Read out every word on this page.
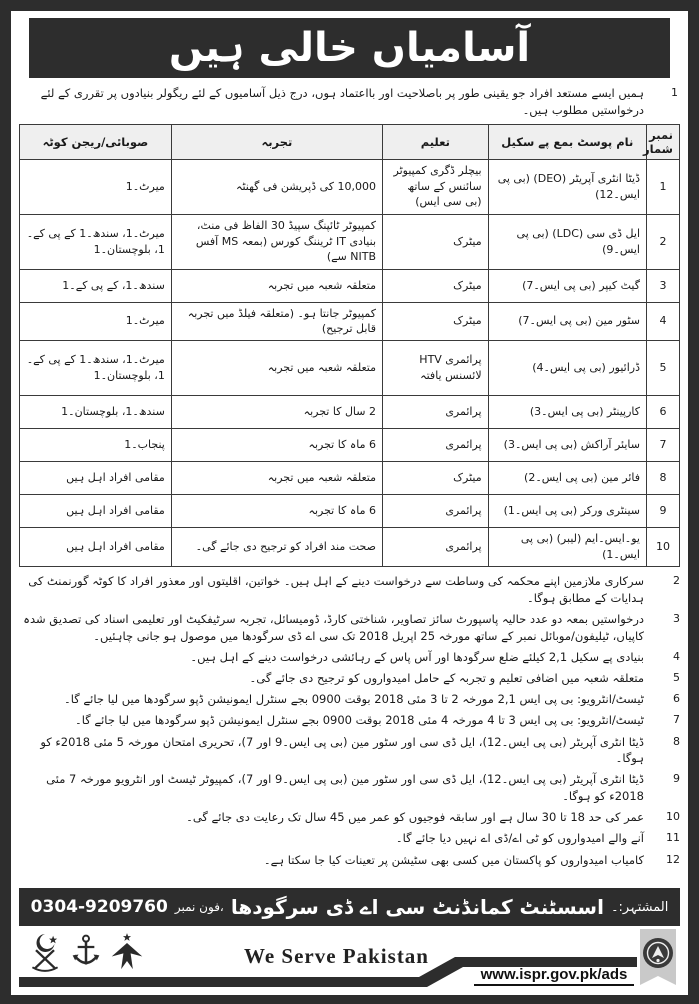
آسامیاں خالی ہیں
1
ہمیں ایسے مستعد افراد جو یقینی طور پر باصلاحیت اور بااعتماد ہوں، درج ذیل آسامیوں کے لئے ریگولر بنیادوں پر تقرری کے لئے درخواستیں مطلوب ہیں۔
نمبر شمار	نام پوسٹ بمع پے سکیل	تعلیم	تجربہ	صوبائی/ریجن کوٹہ
1	ڈیٹا انٹری آپریٹر (DEO) (بی پی ایس۔12)	بیچلر ڈگری کمپیوٹر سائنس کے ساتھ (بی سی ایس)	10,000 کی ڈپریشن فی گھنٹہ	میرٹ۔1
2	ایل ڈی سی (LDC) (بی پی ایس۔9)	میٹرک	کمپیوٹر ٹائپنگ سپیڈ 30 الفاظ فی منٹ، بنیادی IT ٹریننگ کورس (بمعہ MS آفس NITB سے)	میرٹ۔1، سندھ۔1 کے پی کے۔1، بلوچستان۔1
3	گیٹ کیپر (بی پی ایس۔7)	میٹرک	متعلقہ شعبہ میں تجربہ	سندھ۔1، کے پی کے۔1
4	سٹور مین (بی پی ایس۔7)	میٹرک	کمپیوٹر جانتا ہو۔ (متعلقہ فیلڈ میں تجربہ قابل ترجیح)	میرٹ۔1
5	ڈرائیور (بی پی ایس۔4)	پرائمری HTV لائسنس یافتہ	متعلقہ شعبہ میں تجربہ	میرٹ۔1، سندھ۔1 کے پی کے۔1، بلوچستان۔1
6	کارپینٹر (بی پی ایس۔3)	پرائمری	2 سال کا تجربہ	سندھ۔1، بلوچستان۔1
7	سایئر آراکش (بی پی ایس۔3)	پرائمری	6 ماہ کا تجربہ	پنجاب۔1
8	فائر مین (بی پی ایس۔2)	میٹرک	متعلقہ شعبہ میں تجربہ	مقامی افراد اہل ہیں
9	سینٹری ورکر (بی پی ایس۔1)	پرائمری	6 ماہ کا تجربہ	مقامی افراد اہل ہیں
10	یو۔ایس۔ایم (لیبر) (بی پی ایس۔1)	پرائمری	صحت مند افراد کو ترجیح دی جائے گی۔	مقامی افراد اہل ہیں
2
سرکاری ملازمین اپنے محکمہ کی وساطت سے درخواست دینے کے اہل ہیں۔ خواتین، اقلیتوں اور معذور افراد کا کوٹہ گورنمنٹ کی ہدایات کے مطابق ہوگا۔
3
درخواستیں بمعہ دو عدد حالیہ پاسپورٹ سائز تصاویر، شناختی کارڈ، ڈومیسائل، تجربہ سرٹیفکیٹ اور تعلیمی اسناد کی تصدیق شدہ کاپیاں، ٹیلیفون/موبائل نمبر کے ساتھ مورخہ 25 اپریل 2018 تک سی اے ڈی سرگودھا میں موصول ہو جانی چاہئیں۔
4
بنیادی پے سکیل 2,1 کیلئے ضلع سرگودھا اور آس پاس کے رہائشی درخواست دینے کے اہل ہیں۔
5
متعلقہ شعبہ میں اضافی تعلیم و تجربہ کے حامل امیدواروں کو ترجیح دی جائے گی۔
6
ٹیسٹ/انٹرویو: بی پی ایس 2,1 مورخہ 2 تا 3 مئی 2018 بوقت 0900 بجے سنٹرل ایمونیشن ڈپو سرگودھا میں لیا جائے گا۔
7
ٹیسٹ/انٹرویو: بی پی ایس 3 تا 4 مورخہ 4 مئی 2018 بوقت 0900 بجے سنٹرل ایمونیشن ڈپو سرگودھا میں لیا جائے گا۔
8
ڈیٹا انٹری آپریٹر (بی پی ایس۔12)، ایل ڈی سی اور سٹور مین (بی پی ایس۔9 اور 7)، تحریری امتحان مورخہ 5 مئی 2018ء کو ہوگا۔
9
ڈیٹا انٹری آپریٹر (بی پی ایس۔12)، ایل ڈی سی اور سٹور مین (بی پی ایس۔9 اور 7)، کمپیوٹر ٹیسٹ اور انٹرویو مورخہ 7 مئی 2018ء کو ہوگا۔
10
عمر کی حد 18 تا 30 سال ہے اور سابقہ فوجیوں کو عمر میں 45 سال تک رعایت دی جائے گی۔
11
آنے والے امیدواروں کو ٹی اے/ڈی اے نہیں دیا جائے گا۔
12
کامیاب امیدواروں کو پاکستان میں کسی بھی سٹیشن پر تعینات کیا جا سکتا ہے۔
المشتہر:۔
اسسٹنٹ کمانڈنٹ سی اے ڈی سرگودھا
،فون نمبر
0304-9209760
We Serve Pakistan
www.ispr.gov.pk/ads
